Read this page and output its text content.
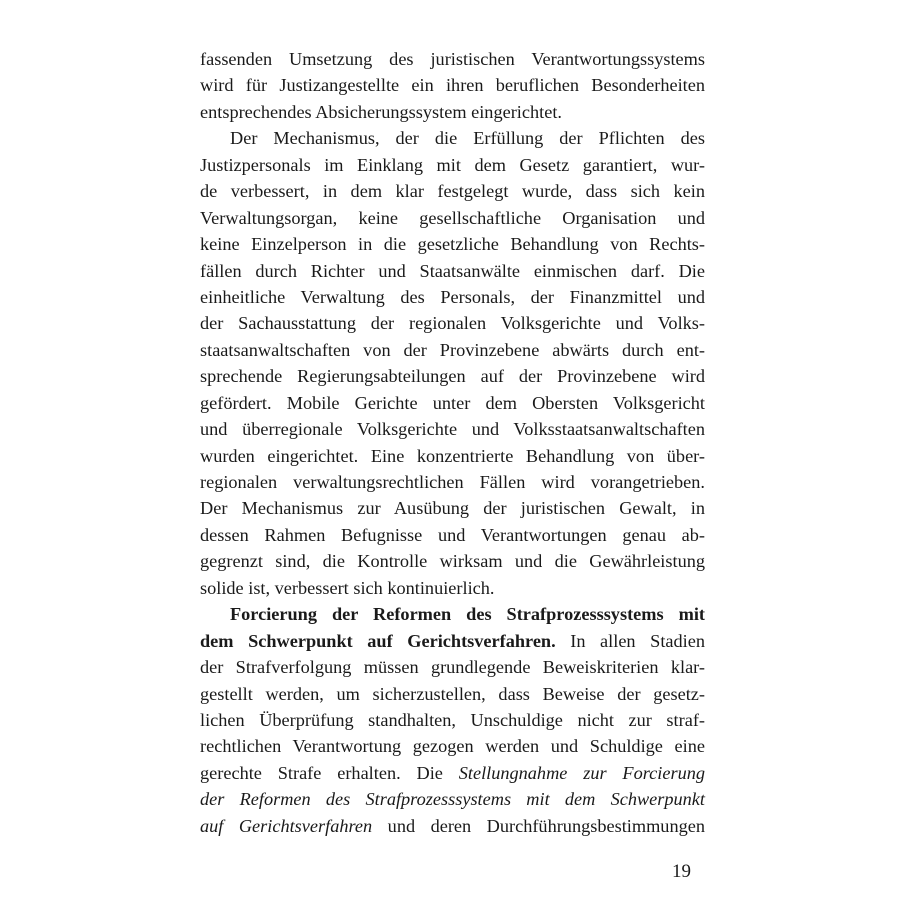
fassenden Umsetzung des juristischen Verantwortungssystems
wird für Justizangestellte ein ihren beruflichen Besonderheiten
entsprechendes Absicherungssystem eingerichtet.
Der Mechanismus, der die Erfüllung der Pflichten des
Justizpersonals im Einklang mit dem Gesetz garantiert, wur-
de verbessert, in dem klar festgelegt wurde, dass sich kein
Verwaltungsorgan, keine gesellschaftliche Organisation und
keine Einzelperson in die gesetzliche Behandlung von Rechts-
fällen durch Richter und Staatsanwälte einmischen darf. Die
einheitliche Verwaltung des Personals, der Finanzmittel und
der Sachausstattung der regionalen Volksgerichte und Volks-
staatsanwaltschaften von der Provinzebene abwärts durch ent-
sprechende Regierungsabteilungen auf der Provinzebene wird
gefördert. Mobile Gerichte unter dem Obersten Volksgericht
und überregionale Volksgerichte und Volksstaatsanwaltschaften
wurden eingerichtet. Eine konzentrierte Behandlung von über-
regionalen verwaltungsrechtlichen Fällen wird vorangetrieben.
Der Mechanismus zur Ausübung der juristischen Gewalt, in
dessen Rahmen Befugnisse und Verantwortungen genau ab-
gegrenzt sind, die Kontrolle wirksam und die Gewährleistung
solide ist, verbessert sich kontinuierlich.
Forcierung der Reformen des Strafprozesssystems mit
dem Schwerpunkt auf Gerichtsverfahren. In allen Stadien
der Strafverfolgung müssen grundlegende Beweiskriterien klar-
gestellt werden, um sicherzustellen, dass Beweise der gesetz-
lichen Überprüfung standhalten, Unschuldige nicht zur straf-
rechtlichen Verantwortung gezogen werden und Schuldige eine
gerechte Strafe erhalten. Die Stellungnahme zur Forcierung
der Reformen des Strafprozesssystems mit dem Schwerpunkt
auf Gerichtsverfahren und deren Durchführungsbestimmungen
19
